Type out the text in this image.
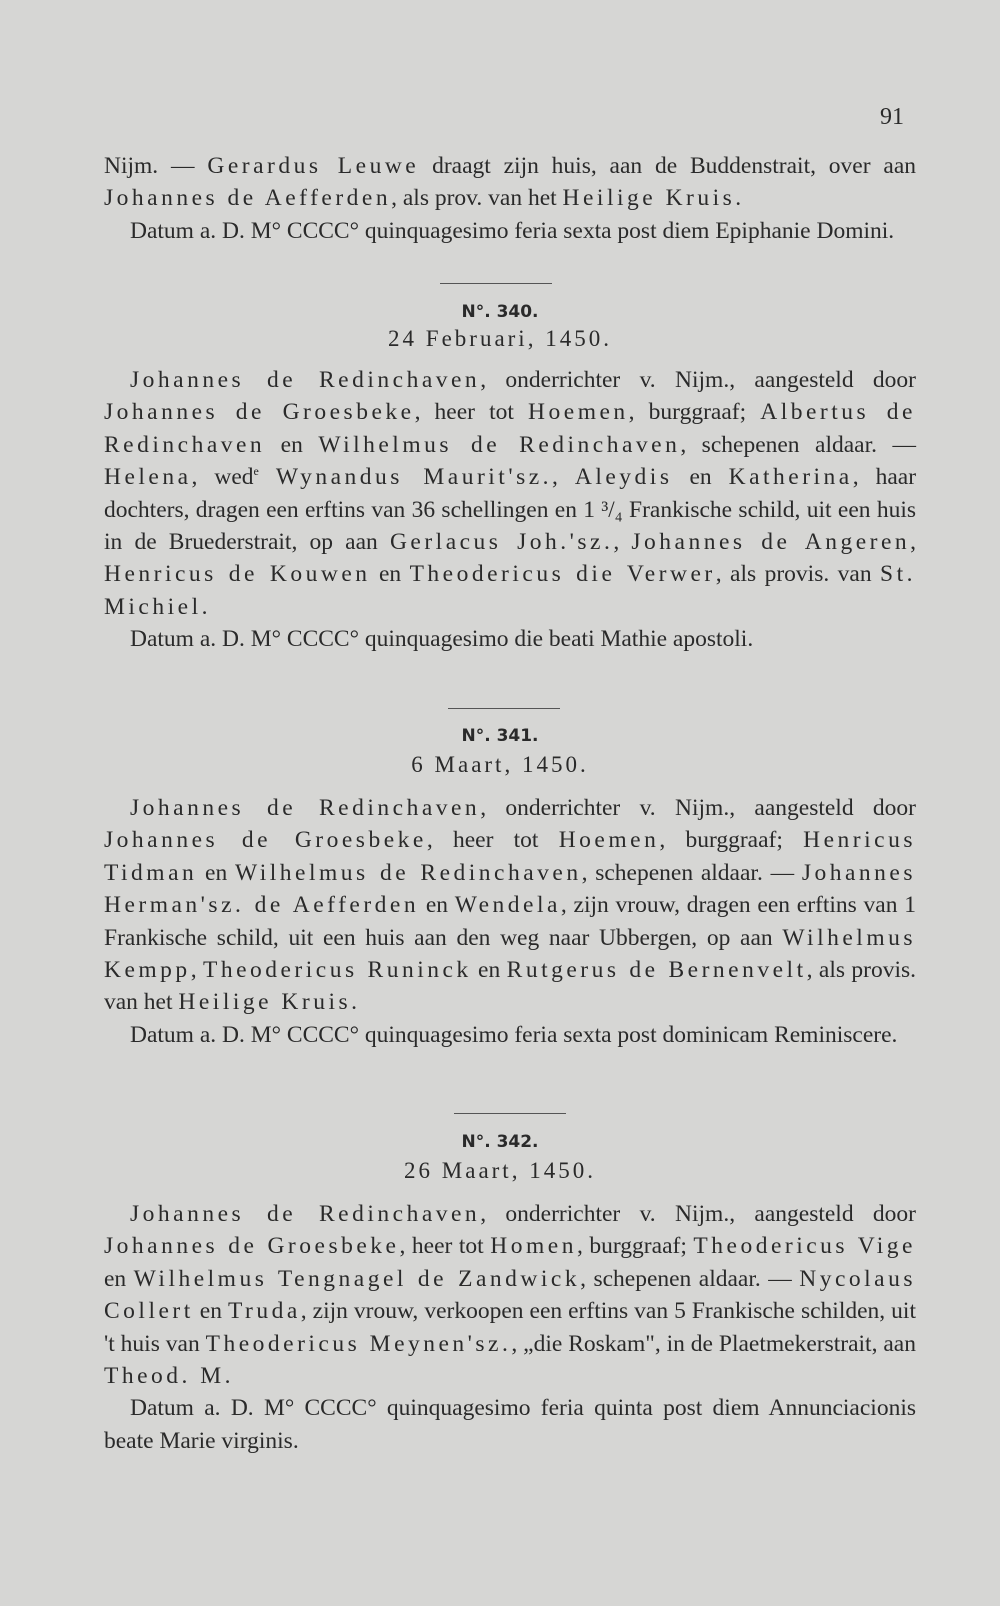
91

Nijm. — Gerardus Leuwe draagt zijn huis, aan de Buddenstrait, over aan Johannes de Aefferden, als prov. van het Heilige Kruis.

Datum a. D. M° CCCC° quinquagesimo feria sexta post diem Epiphanie Domini.

N°. 340.
24 Februari, 1450.

Johannes de Redinchaven, onderrichter v. Nijm., aangesteld door Johannes de Groesbeke, heer tot Hoemen, burggraaf; Albertus de Redinchaven en Wilhelmus de Redinchaven, schepenen aldaar. — Helena, wed$^e$ Wynandus Maurit'sz., Aleydis en Katherina, haar dochters, dragen een erftins van 36 schellingen en 1 ³/₄ Frankische schild, uit een huis in de Bruederstrait, op aan Gerlacus Joh.'sz., Johannes de Angeren, Henricus de Kouwen en Theodericus die Verwer, als provis. van St. Michiel.

Datum a. D. M° CCCC° quinquagesimo die beati Mathie apostoli.

N°. 341.
6 Maart, 1450.

Johannes de Redinchaven, onderrichter v. Nijm., aangesteld door Johannes de Groesbeke, heer tot Hoemen, burggraaf; Henricus Tidman en Wilhelmus de Redinchaven, schepenen aldaar. — Johannes Herman'sz. de Aefferden en Wendela, zijn vrouw, dragen een erftins van 1 Frankische schild, uit een huis aan den weg naar Ubbergen, op aan Wilhelmus Kempp, Theodericus Runinck en Rutgerus de Bernenvelt, als provis. van het Heilige Kruis.

Datum a. D. M° CCCC° quinquagesimo feria sexta post dominicam Reminiscere.

N°. 342.
26 Maart, 1450.

Johannes de Redinchaven, onderrichter v. Nijm., aangesteld door Johannes de Groesbeke, heer tot Homen, burggraaf; Theodericus Vige en Wilhelmus Tengnagel de Zandwick, schepenen aldaar. — Nycolaus Collert en Truda, zijn vrouw, verkoopen een erftins van 5 Frankische schilden, uit 't huis van Theodericus Meynen'sz., „die Roskam", in de Plaetmekerstrait, aan Theod. M.

Datum a. D. M° CCCC° quinquagesimo feria quinta post diem Annunciacionis beate Marie virginis.
